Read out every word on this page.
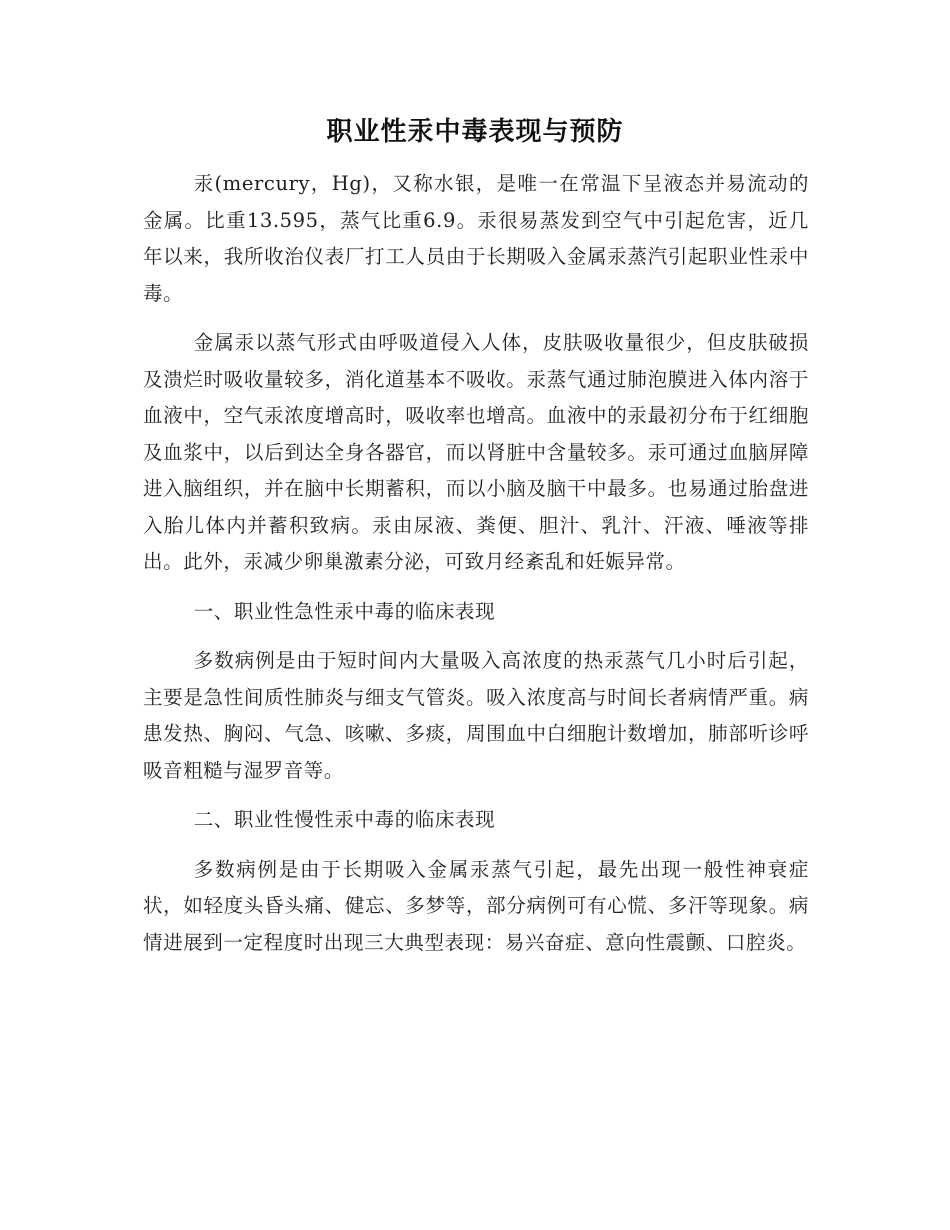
职业性汞中毒表现与预防

汞(mercury，Hg)，又称水银，是唯一在常温下呈液态并易流动的金属。比重13.595，蒸气比重6.9。汞很易蒸发到空气中引起危害，近几年以来，我所收治仪表厂打工人员由于长期吸入金属汞蒸汽引起职业性汞中毒。

金属汞以蒸气形式由呼吸道侵入人体，皮肤吸收量很少，但皮肤破损及溃烂时吸收量较多，消化道基本不吸收。汞蒸气通过肺泡膜进入体内溶于血液中，空气汞浓度增高时，吸收率也增高。血液中的汞最初分布于红细胞及血浆中，以后到达全身各器官，而以肾脏中含量较多。汞可通过血脑屏障进入脑组织，并在脑中长期蓄积，而以小脑及脑干中最多。也易通过胎盘进入胎儿体内并蓄积致病。汞由尿液、粪便、胆汁、乳汁、汗液、唾液等排出。此外，汞减少卵巢激素分泌，可致月经紊乱和妊娠异常。

一、职业性急性汞中毒的临床表现

多数病例是由于短时间内大量吸入高浓度的热汞蒸气几小时后引起，主要是急性间质性肺炎与细支气管炎。吸入浓度高与时间长者病情严重。病患发热、胸闷、气急、咳嗽、多痰，周围血中白细胞计数增加，肺部听诊呼吸音粗糙与湿罗音等。

二、职业性慢性汞中毒的临床表现

多数病例是由于长期吸入金属汞蒸气引起，最先出现一般性神衰症状，如轻度头昏头痛、健忘、多梦等，部分病例可有心慌、多汗等现象。病情进展到一定程度时出现三大典型表现：易兴奋症、意向性震颤、口腔炎。
